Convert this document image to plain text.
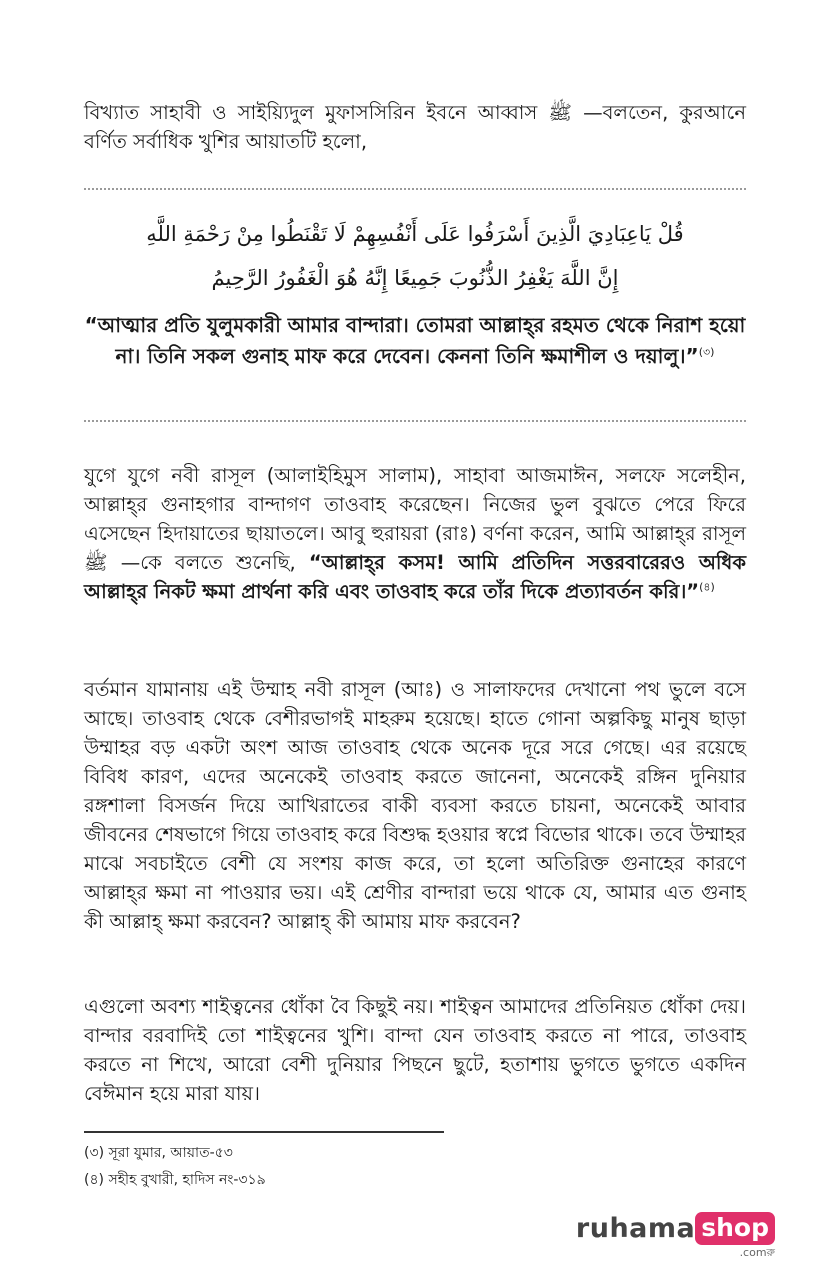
বিখ্যাত সাহাবী ও সাইয়্যিদুল মুফাসসিরিন ইবনে আব্বাস ﷺ —বলতেন, কুরআনে বর্ণিত সর্বাধিক খুশির আয়াতটি হলো,

قُلْ يَاعِبَادِيَ الَّذِينَ أَسْرَفُوا عَلَى أَنْفُسِهِمْ لَا تَقْنَطُوا مِنْ رَحْمَةِ اللَّهِ
إِنَّ اللَّهَ يَغْفِرُ الذُّنُوبَ جَمِيعًا إِنَّهُ هُوَ الْغَفُورُ الرَّحِيمُ
“আত্মার প্রতি যুলুমকারী আমার বান্দারা। তোমরা আল্লাহ্‌র রহমত থেকে নিরাশ হয়ো না। তিনি সকল গুনাহ মাফ করে দেবেন। কেননা তিনি ক্ষমাশীল ও দয়ালু।”$^{(৩)}$

যুগে যুগে নবী রাসূল (আলাইহিমুস সালাম), সাহাবা আজমাঈন, সলফে সলেহীন, আল্লাহ্‌র গুনাহগার বান্দাগণ তাওবাহ করেছেন। নিজের ভুল বুঝতে পেরে ফিরে এসেছেন হিদায়াতের ছায়াতলে। আবু হুরায়রা (রাঃ) বর্ণনা করেন, আমি আল্লাহ্‌র রাসূল ﷺ —কে বলতে শুনেছি, “আল্লাহ্‌র কসম! আমি প্রতিদিন সত্তরবারেরও অধিক আল্লাহ্‌র নিকট ক্ষমা প্রার্থনা করি এবং তাওবাহ করে তাঁর দিকে প্রত্যাবর্তন করি।”$^{(৪)}$

বর্তমান যামানায় এই উম্মাহ নবী রাসূল (আঃ) ও সালাফদের দেখানো পথ ভুলে বসে আছে। তাওবাহ থেকে বেশীরভাগই মাহরুম হয়েছে। হাতে গোনা অল্পকিছু মানুষ ছাড়া উম্মাহর বড় একটা অংশ আজ তাওবাহ থেকে অনেক দূরে সরে গেছে। এর রয়েছে বিবিধ কারণ, এদের অনেকেই তাওবাহ করতে জানেনা, অনেকেই রঙ্গিন দুনিয়ার রঙ্গশালা বিসর্জন দিয়ে আখিরাতের বাকী ব্যবসা করতে চায়না, অনেকেই আবার জীবনের শেষভাগে গিয়ে তাওবাহ করে বিশুদ্ধ হওয়ার স্বপ্নে বিভোর থাকে। তবে উম্মাহর মাঝে সবচাইতে বেশী যে সংশয় কাজ করে, তা হলো অতিরিক্ত গুনাহের কারণে আল্লাহ্‌র ক্ষমা না পাওয়ার ভয়। এই শ্রেণীর বান্দারা ভয়ে থাকে যে, আমার এত গুনাহ কী আল্লাহ্‌ ক্ষমা করবেন? আল্লাহ্‌ কী আমায় মাফ করবেন?

এগুলো অবশ্য শাইত্বনের ধোঁকা বৈ কিছুই নয়। শাইত্বন আমাদের প্রতিনিয়ত ধোঁকা দেয়। বান্দার বরবাদিই তো শাইত্বনের খুশি। বান্দা যেন তাওবাহ করতে না পারে, তাওবাহ করতে না শিখে, আরো বেশী দুনিয়ার পিছনে ছুটে, হতাশায় ভুগতে ভুগতে একদিন বেঈমান হয়ে মারা যায়।

(৩) সূরা যুমার, আয়াত-৫৩
(৪) সহীহ বুখারী, হাদিস নং-৩১৯
ruhama shop
.comরু
